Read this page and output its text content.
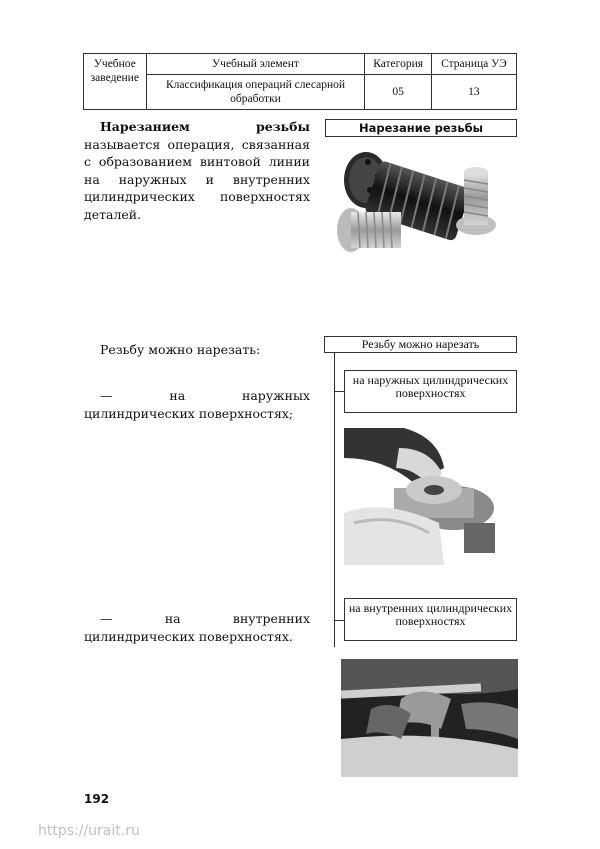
Учебное заведение	Учебный элемент	Категория	Страница УЭ
	Классификация операций слесарной обработки	05	13
Нарезанием резьбы называется операция, связанная с образованием винтовой линии на наружных и внутренних цилиндрических поверхностях деталей.
Нарезание резьбы
Резьбу можно нарезать:	Резьбу можно нарезать
— на наружных цилиндрических поверхностях;
на наружных цилиндрических поверхностях
— на внутренних цилиндрических поверхностях.
на внутренних цилиндрических поверхностях
192
https://urait.ru
